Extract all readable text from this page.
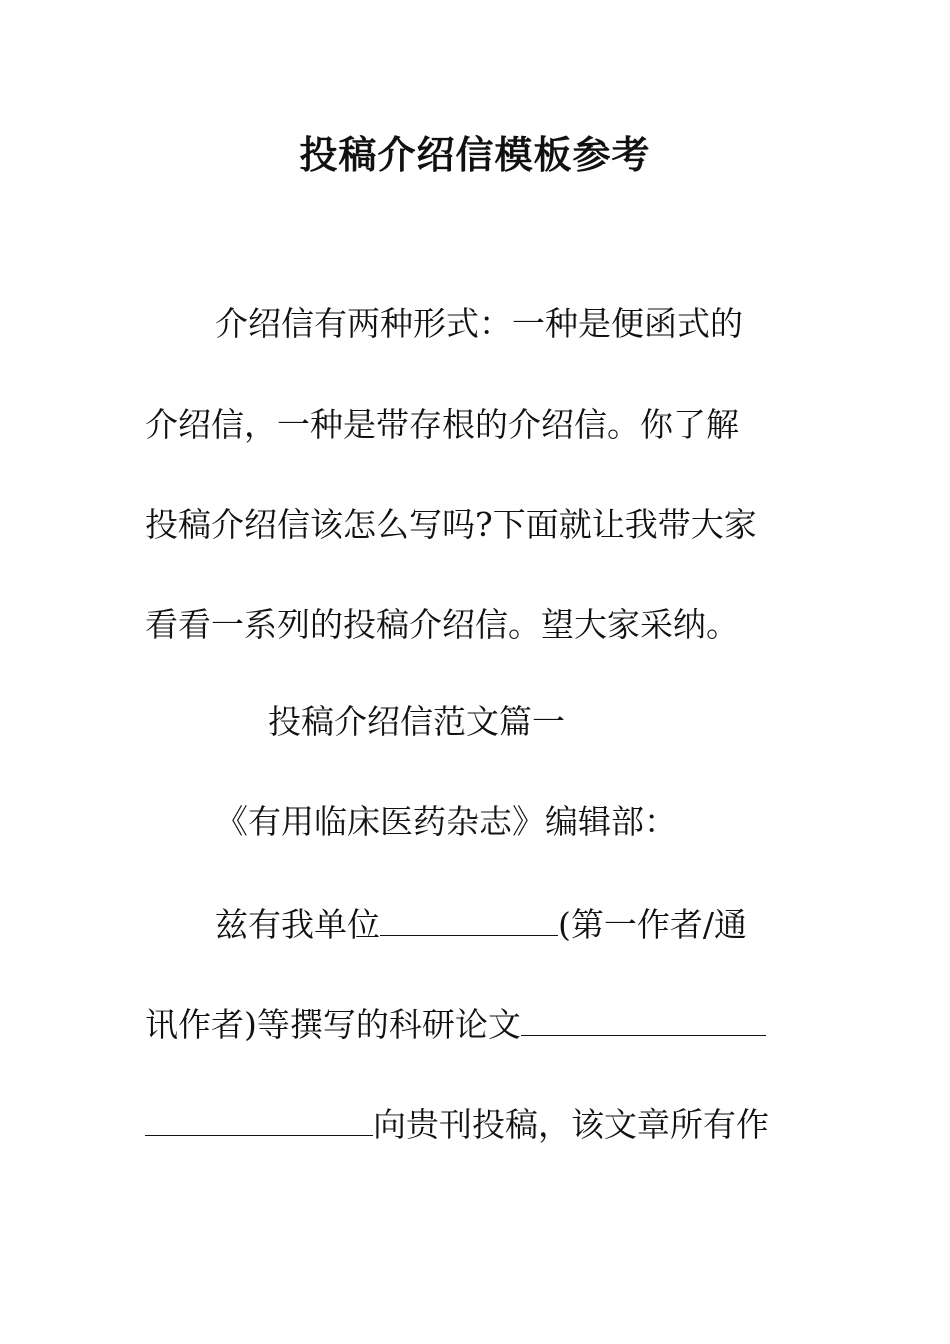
投稿介绍信模板参考
介绍信有两种形式：一种是便函式的
介绍信，一种是带存根的介绍信。你了解
投稿介绍信该怎么写吗?下面就让我带大家
看看一系列的投稿介绍信。望大家采纳。
投稿介绍信范文篇一
《有用临床医药杂志》编辑部：
兹有我单位	(第一作者/通
讯作者)等撰写的科研论文
向贵刊投稿，该文章所有作
